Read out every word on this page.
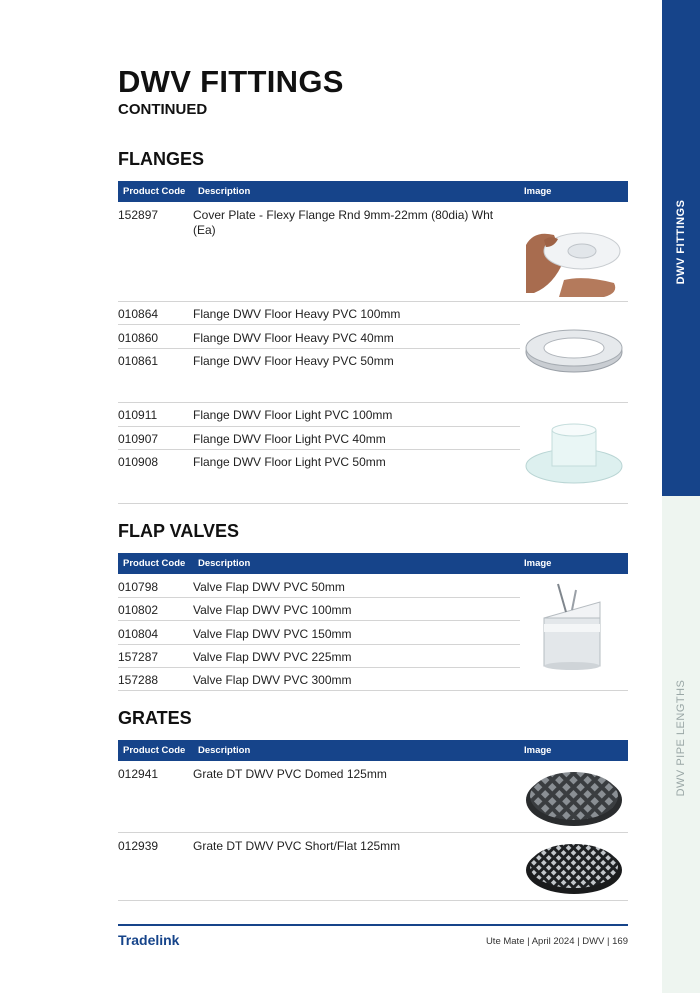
DWV FITTINGS
DWV PIPE LENGTHS
DWV FITTINGS
CONTINUED
FLANGES
Product Code Description	Image
152897	Cover Plate - Flexy Flange Rnd 9mm-22mm (80dia) Wht (Ea)
010864	Flange DWV Floor Heavy PVC 100mm
010860	Flange DWV Floor Heavy PVC 40mm
010861	Flange DWV Floor Heavy PVC 50mm
010911	Flange DWV Floor Light PVC 100mm
010907	Flange DWV Floor Light PVC 40mm
010908	Flange DWV Floor Light PVC 50mm
FLAP VALVES
Product Code Description	Image
010798	Valve Flap DWV PVC 50mm
010802	Valve Flap DWV PVC 100mm
010804	Valve Flap DWV PVC 150mm
157287	Valve Flap DWV PVC 225mm
157288	Valve Flap DWV PVC 300mm
GRATES
Product Code Description	Image
012941	Grate DT DWV PVC Domed 125mm
012939	Grate DT DWV PVC Short/Flat 125mm
Tradelink	Ute Mate | April 2024 | DWV | 169
